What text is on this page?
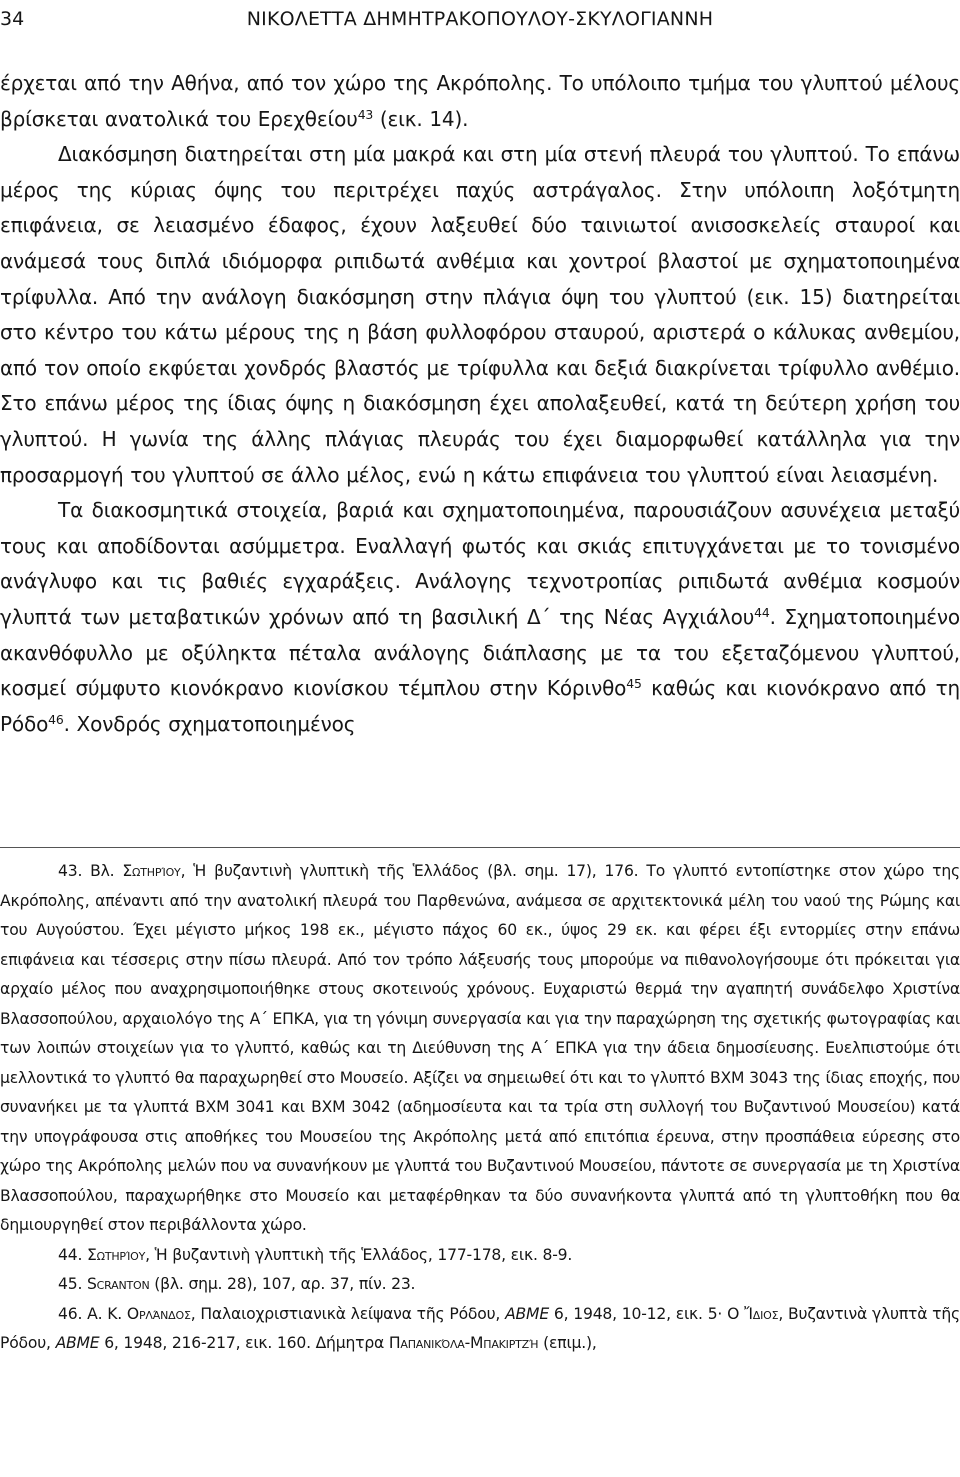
34	ΝΙΚΟΛΕΤΤΑ ΔΗΜΗΤΡΑΚΟΠΟΥΛΟΥ-ΣΚΥΛΟΓΙΑΝΝΗ

έρχεται από την Αθήνα, από τον χώρο της Ακρόπολης. Το υπόλοιπο τμήμα του γλυπτού μέλους βρίσκεται ανατολικά του Ερεχθείου$^{43}$ (εικ. 14).

Διακόσμηση διατηρείται στη μία μακρά και στη μία στενή πλευρά του γλυπτού. Το επάνω μέρος της κύριας όψης του περιτρέχει παχύς αστράγαλος. Στην υπόλοιπη λοξότμητη επιφάνεια, σε λειασμένο έδαφος, έχουν λαξευθεί δύο ταινιωτοί ανισοσκελείς σταυροί και ανάμεσά τους διπλά ιδιόμορφα ριπιδωτά ανθέμια και χοντροί βλαστοί με σχηματοποιημένα τρίφυλλα. Από την ανάλογη διακόσμηση στην πλάγια όψη του γλυπτού (εικ. 15) διατηρείται στο κέντρο του κάτω μέρους της η βάση φυλλοφόρου σταυρού, αριστερά ο κάλυκας ανθεμίου, από τον οποίο εκφύεται χονδρός βλαστός με τρίφυλλα και δεξιά διακρίνεται τρίφυλλο ανθέμιο. Στο επάνω μέρος της ίδιας όψης η διακόσμηση έχει απολαξευθεί, κατά τη δεύτερη χρήση του γλυπτού. Η γωνία της άλλης πλάγιας πλευράς του έχει διαμορφωθεί κατάλληλα για την προσαρμογή του γλυπτού σε άλλο μέλος, ενώ η κάτω επιφάνεια του γλυπτού είναι λειασμένη.

Τα διακοσμητικά στοιχεία, βαριά και σχηματοποιημένα, παρουσιάζουν ασυνέχεια μεταξύ τους και αποδίδονται ασύμμετρα. Εναλλαγή φωτός και σκιάς επιτυγχάνεται με το τονισμένο ανάγλυφο και τις βαθιές εγχαράξεις. Ανάλογης τεχνοτροπίας ριπιδωτά ανθέμια κοσμούν γλυπτά των μεταβατικών χρόνων από τη βασιλική Δ΄ της Νέας Αγχιάλου$^{44}$. Σχηματοποιημένο ακανθόφυλλο με οξύληκτα πέταλα ανάλογης διάπλασης με τα του εξεταζόμενου γλυπτού, κοσμεί σύμφυτο κιονόκρανο κιονίσκου τέμπλου στην Κόρινθο$^{45}$ καθώς και κιονόκρανο από τη Ρόδο$^{46}$. Χονδρός σχηματοποιημένος

43. Βλ. Σωτηρίου, Ἡ βυζαντινὴ γλυπτικὴ τῆς Ἑλλάδος (βλ. σημ. 17), 176. Το γλυπτό εντοπίστηκε στον χώρο της Ακρόπολης, απέναντι από την ανατολική πλευρά του Παρθενώνα, ανάμεσα σε αρχιτεκτονικά μέλη του ναού της Ρώμης και του Αυγούστου. Έχει μέγιστο μήκος 198 εκ., μέγιστο πάχος 60 εκ., ύψος 29 εκ. και φέρει έξι εντορμίες στην επάνω επιφάνεια και τέσσερις στην πίσω πλευρά. Από τον τρόπο λάξευσής τους μπορούμε να πιθανολογήσουμε ότι πρόκειται για αρχαίο μέλος που αναχρησιμοποιήθηκε στους σκοτεινούς χρόνους. Ευχαριστώ θερμά την αγαπητή συνάδελφο Χριστίνα Βλασσοπούλου, αρχαιολόγο της Α΄ ΕΠΚΑ, για τη γόνιμη συνεργασία και για την παραχώρηση της σχετικής φωτογραφίας και των λοιπών στοιχείων για το γλυπτό, καθώς και τη Διεύθυνση της Α΄ ΕΠΚΑ για την άδεια δημοσίευσης. Ευελπιστούμε ότι μελλοντικά το γλυπτό θα παραχωρηθεί στο Μουσείο. Αξίζει να σημειωθεί ότι και το γλυπτό ΒΧΜ 3043 της ίδιας εποχής, που συνανήκει με τα γλυπτά ΒΧΜ 3041 και ΒΧΜ 3042 (αδημοσίευτα και τα τρία στη συλλογή του Βυζαντινού Μουσείου) κατά την υπογράφουσα στις αποθήκες του Μουσείου της Ακρόπολης μετά από επιτόπια έρευνα, στην προσπάθεια εύρεσης στο χώρο της Ακρόπολης μελών που να συνανήκουν με γλυπτά του Βυζαντινού Μουσείου, πάντοτε σε συνεργασία με τη Χριστίνα Βλασσοπούλου, παραχωρήθηκε στο Μουσείο και μεταφέρθηκαν τα δύο συνανήκοντα γλυπτά από τη γλυπτοθήκη που θα δημιουργηθεί στον περιβάλλοντα χώρο.

44. Σωτηρίου, Ἡ βυζαντινὴ γλυπτικὴ τῆς Ἑλλάδος, 177-178, εικ. 8-9.

45. Scranton (βλ. σημ. 28), 107, αρ. 37, πίν. 23.

46. Α. Κ. Ορλάνδος, Παλαιοχριστιανικὰ λείψανα τῆς Ρόδου, ΑΒΜΕ 6, 1948, 10-12, εικ. 5· Ο Ἴδιος, Βυζαντινὰ γλυπτὰ τῆς Ρόδου, ΑΒΜΕ 6, 1948, 216-217, εικ. 160. Δήμητρα Παπανικόλα-Μπακιρτζή (επιμ.),
